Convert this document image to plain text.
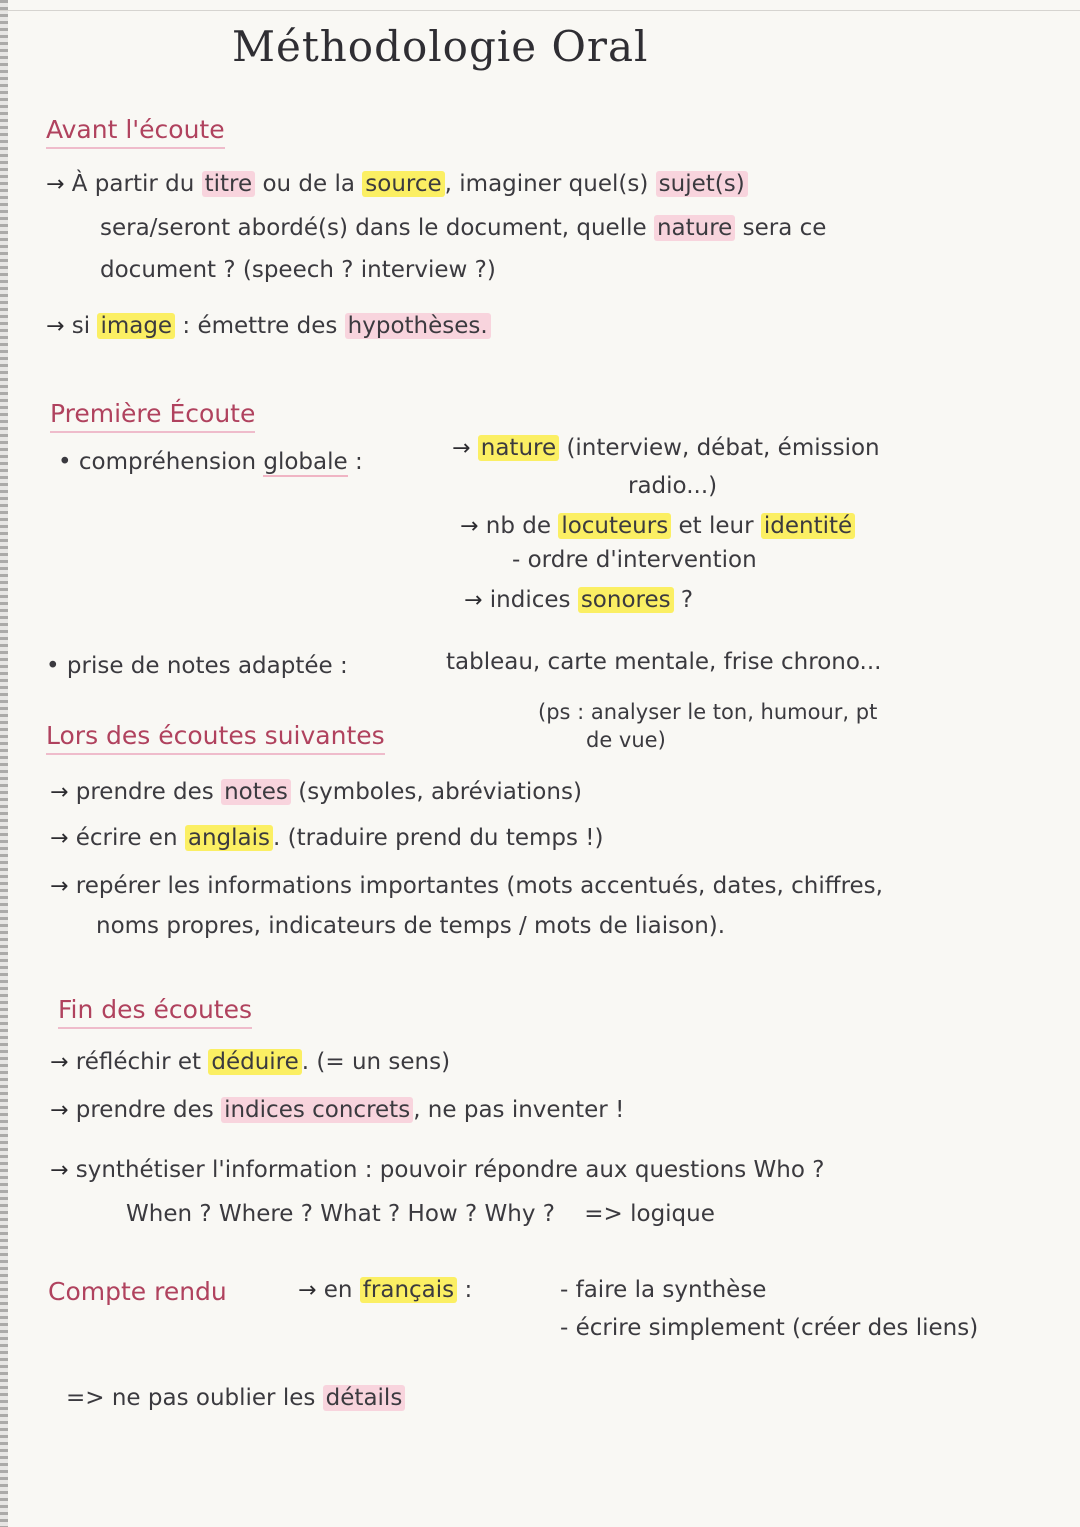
Méthodologie Oral
Avant l'écoute
→ À partir du titre ou de la source , imaginer quel(s) sujet(s)
sera/seront abordé(s) dans le document, quelle nature sera ce
document ? (speech ? interview ?)
→ si image : émettre des hypothèses.
Première Écoute
• compréhension globale :
→ nature (interview, débat, émission
radio...)
→ nb de locuteurs et leur identité
- ordre d'intervention
→ indices sonores ?
• prise de notes adaptée :	tableau, carte mentale, frise chrono...
(ps : analyser le ton, humour, pt
de vue)
Lors des écoutes suivantes
→ prendre des notes (symboles, abréviations)
→ écrire en anglais . (traduire prend du temps !)
→ repérer les informations importantes (mots accentués, dates, chiffres,
noms propres, indicateurs de temps / mots de liaison).
Fin des écoutes
→ réfléchir et déduire . (= un sens)
→ prendre des indices concrets , ne pas inventer !
→ synthétiser l'information : pouvoir répondre aux questions Who ?
When ? Where ? What ? How ? Why ? => logique
Compte rendu	→ en français :	- faire la synthèse
- écrire simplement (créer des liens)
=> ne pas oublier les détails
